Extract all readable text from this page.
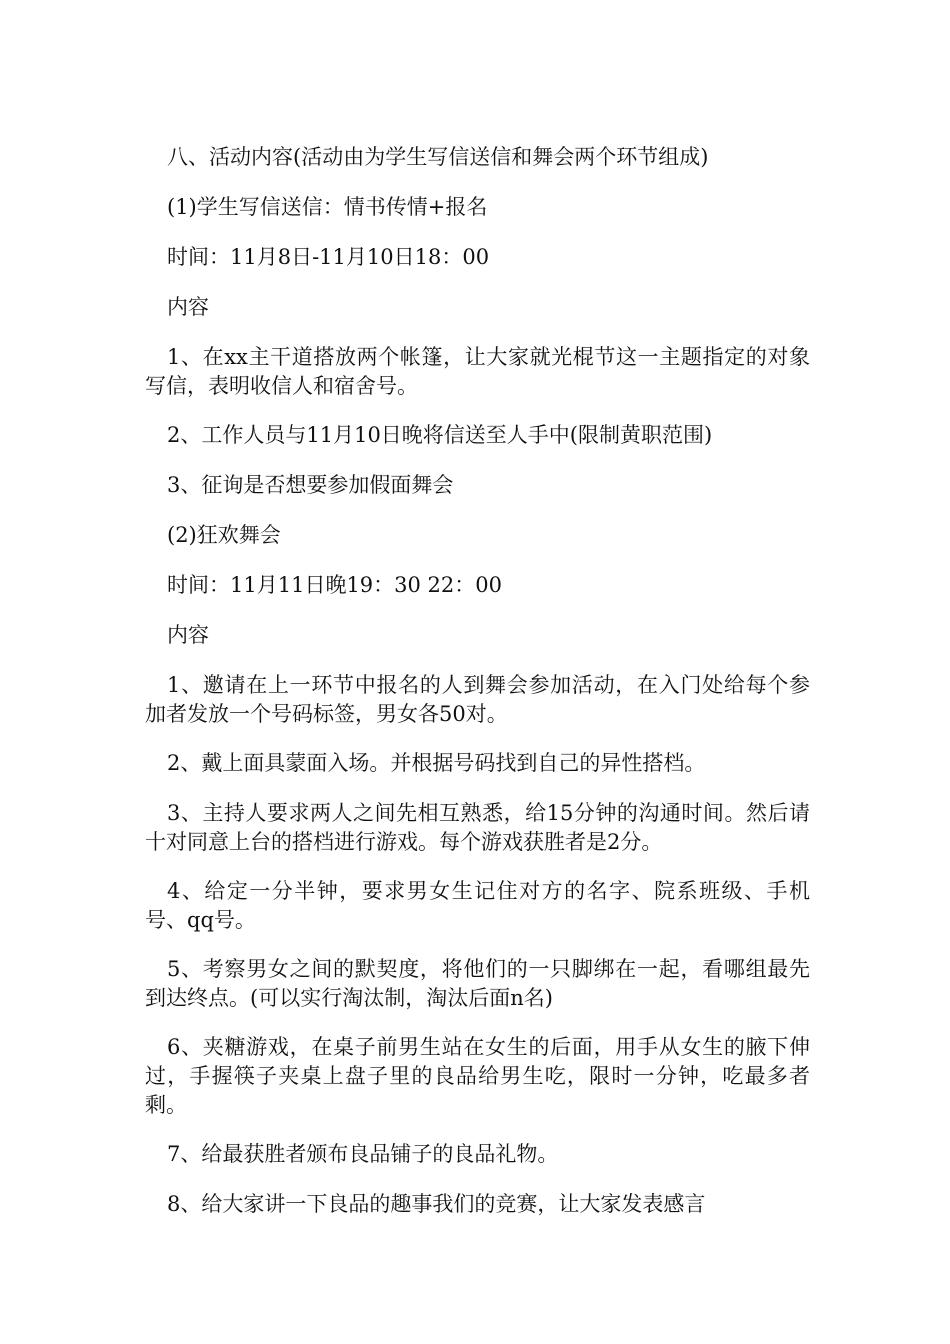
八、活动内容(活动由为学生写信送信和舞会两个环节组成)

(1)学生写信送信：情书传情+报名

时间：11月8日-11月10日18：00

内容

1、在xx主干道搭放两个帐篷，让大家就光棍节这一主题指定的对象写信，表明收信人和宿舍号。

2、工作人员与11月10日晚将信送至人手中(限制黄职范围)

3、征询是否想要参加假面舞会

(2)狂欢舞会

时间：11月11日晚19：30 22：00

内容

1、邀请在上一环节中报名的人到舞会参加活动，在入门处给每个参加者发放一个号码标签，男女各50对。

2、戴上面具蒙面入场。并根据号码找到自己的异性搭档。

3、主持人要求两人之间先相互熟悉，给15分钟的沟通时间。然后请十对同意上台的搭档进行游戏。每个游戏获胜者是2分。

4、给定一分半钟，要求男女生记住对方的名字、院系班级、手机号、qq号。

5、考察男女之间的默契度，将他们的一只脚绑在一起，看哪组最先到达终点。(可以实行淘汰制，淘汰后面n名)

6、夹糖游戏，在桌子前男生站在女生的后面，用手从女生的腋下伸过，手握筷子夹桌上盘子里的良品给男生吃，限时一分钟，吃最多者剩。

7、给最获胜者颁布良品铺子的良品礼物。

8、给大家讲一下良品的趣事我们的竞赛，让大家发表感言
